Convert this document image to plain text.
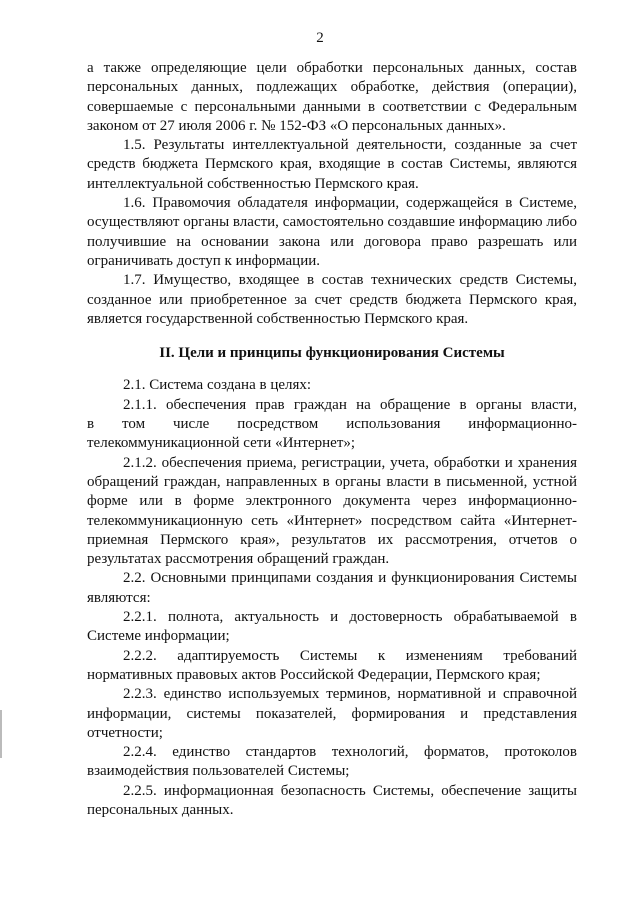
2

а также определяющие цели обработки персональных данных, состав персональных данных, подлежащих обработке, действия (операции), совершаемые с персональными данными в соответствии с Федеральным законом от 27 июля 2006 г. № 152-ФЗ «О персональных данных».

1.5. Результаты интеллектуальной деятельности, созданные за счет средств бюджета Пермского края, входящие в состав Системы, являются интеллектуальной собственностью Пермского края.

1.6. Правомочия обладателя информации, содержащейся в Системе, осуществляют органы власти, самостоятельно создавшие информацию либо получившие на основании закона или договора право разрешать или ограничивать доступ к информации.

1.7. Имущество, входящее в состав технических средств Системы, созданное или приобретенное за счет средств бюджета Пермского края, является государственной собственностью Пермского края.

II. Цели и принципы функционирования Системы

2.1. Система создана в целях:

2.1.1. обеспечения прав граждан на обращение в органы власти,

в том числе посредством использования информационно-телекоммуникационной сети «Интернет»;

2.1.2. обеспечения приема, регистрации, учета, обработки и хранения обращений граждан, направленных в органы власти в письменной, устной форме или в форме электронного документа через информационно-телекоммуникационную сеть «Интернет» посредством сайта «Интернет-приемная Пермского края», результатов их рассмотрения, отчетов о результатах рассмотрения обращений граждан.

2.2. Основными принципами создания и функционирования Системы являются:

2.2.1. полнота, актуальность и достоверность обрабатываемой в Системе информации;

2.2.2. адаптируемость Системы к изменениям требований нормативных правовых актов Российской Федерации, Пермского края;

2.2.3. единство используемых терминов, нормативной и справочной информации, системы показателей, формирования и представления отчетности;

2.2.4. единство стандартов технологий, форматов, протоколов взаимодействия пользователей Системы;

2.2.5. информационная безопасность Системы, обеспечение защиты персональных данных.
